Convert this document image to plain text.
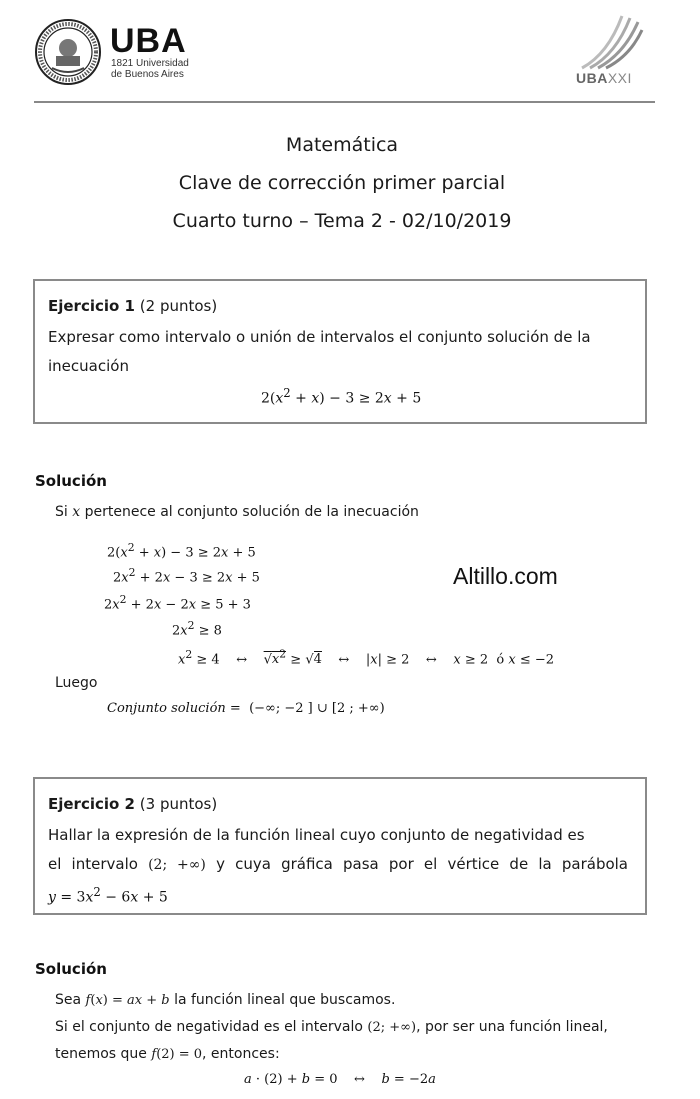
UBA
1821 Universidad
de Buenos Aires	UBAXXI
Matemática
Clave de corrección primer parcial
Cuarto turno – Tema 2 - 02/10/2019
Ejercicio 1 (2 puntos)
Expresar como intervalo o unión de intervalos el conjunto solución de la
inecuación
$2(x^2 + x) - 3 \ge 2x + 5$
Solución
Si x pertenece al conjunto solución de la inecuación
$2(x^2 + x) - 3 \ge 2x + 5$
$2x^2 + 2x - 3 \ge 2x + 5$
$2x^2 + 2x - 2x \ge 5 + 3$
$2x^2 \ge 8$
$x^2 \ge 4$    ↔    $√x^2 \ge √4$    ↔    |x| ≥ 2    ↔    x ≥ 2  ó x ≤ −2
Altillo.com
Luego
Conjunto solución =  (−∞; −2 ] ∪ [2 ; +∞)
Ejercicio 2 (3 puntos)
Hallar la expresión de la función lineal cuyo conjunto de negatividad es
el intervalo (2; +∞) y cuya gráfica pasa por el vértice de la parábola
$y = 3x^2 - 6x + 5$
Solución
Sea f(x) = ax + b la función lineal que buscamos.
Si el conjunto de negatividad es el intervalo (2; +∞), por ser una función lineal,
tenemos que f(2) = 0, entonces:
a · (2) + b = 0    ↔    b = −2a
